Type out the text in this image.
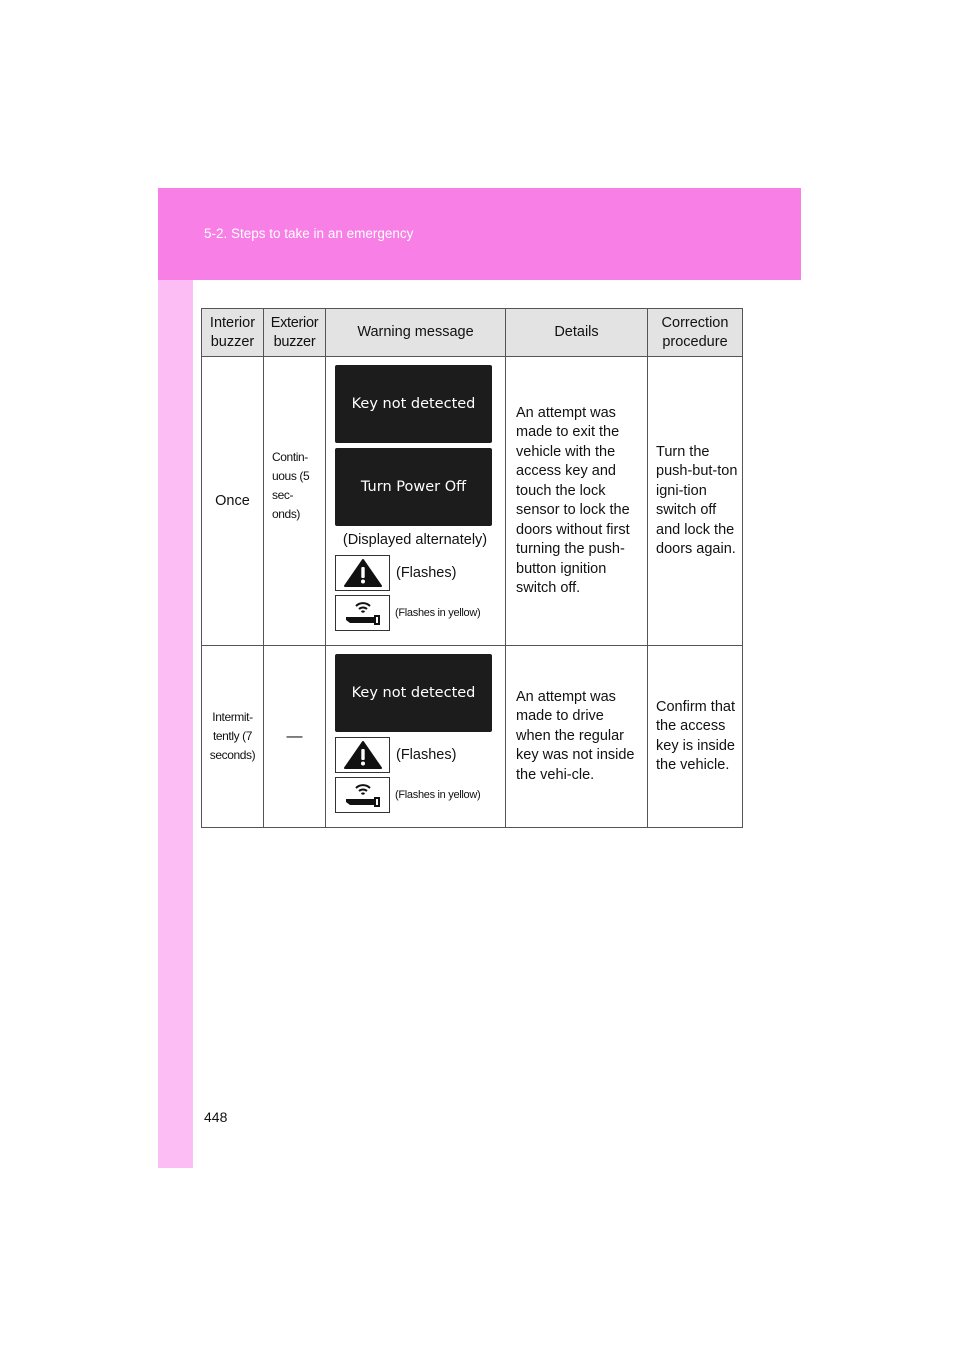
5-2. Steps to take in an emergency
Interior buzzer	Exterior buzzer	Warning message	Details	Correction procedure
Once	Contin-uous (5 sec-onds)	Key not detected
Turn Power Off
(Displayed alternately)
(Flashes)
(Flashes in yellow)	An attempt was made to exit the vehicle with the access key and touch the lock sensor to lock the doors without first turning the push-button ignition switch off.	Turn the push-but-ton igni-tion switch off and lock the doors again.

Intermit-tently (7 seconds)	—	Key not detected
(Flashes)
(Flashes in yellow)	An attempt was made to drive when the regular key was not inside the vehi-cle.	Confirm that the access key is inside the vehicle.
448
